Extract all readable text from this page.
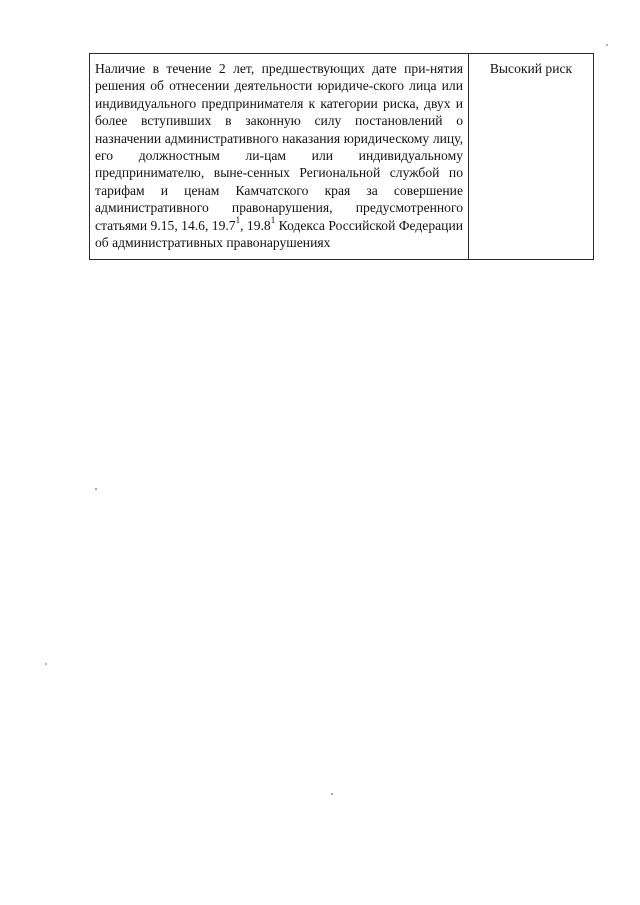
Наличие в течение 2 лет, предшествующих дате при-нятия решения об отнесении деятельности юридиче-ского лица или индивидуального предпринимателя к категории риска, двух и более вступивших в законную силу постановлений о назначении административного наказания юридическому лицу, его должностным ли-цам или индивидуальному предпринимателю, выне-сенных Региональной службой по тарифам и ценам Камчатского края за совершение административного правонарушения, предусмотренного статьями 9.15, 14.6, 19.7$^1$, 19.8$^1$ Кодекса Российской Федерации об административных правонарушениях	Высокий риск
